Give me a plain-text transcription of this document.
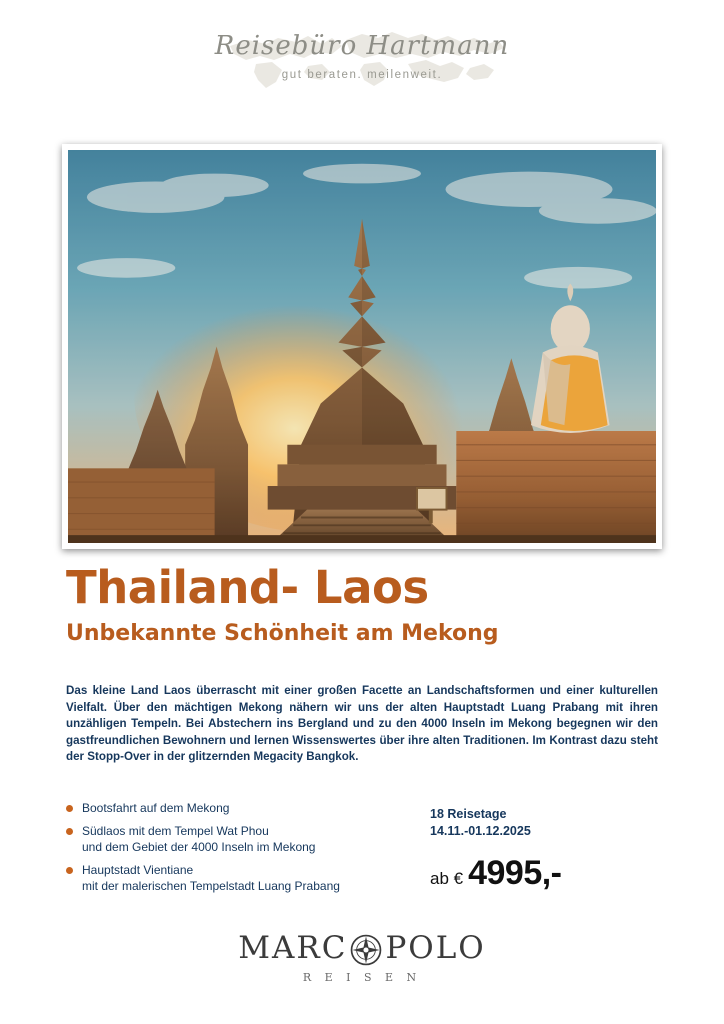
Reisebüro Hartmann
gut beraten. meilenweit.
Thailand- Laos
Unbekannte Schönheit am Mekong
Das kleine Land Laos überrascht mit einer großen Facette an Landschaftsformen und einer kulturellen Vielfalt. Über den mächtigen Mekong nähern wir uns der alten Hauptstadt Luang Prabang mit ihren unzähligen Tempeln. Bei Abstechern ins Bergland und zu den 4000 Inseln im Mekong begegnen wir den gastfreundlichen Bewohnern und lernen Wissenswertes über ihre alten Traditionen. Im Kontrast dazu steht der Stopp-Over in der glitzernden Megacity Bangkok.
Bootsfahrt auf dem Mekong
Südlaos mit dem Tempel Wat Phou
und dem Gebiet der 4000 Inseln im Mekong
Hauptstadt Vientiane
mit der malerischen Tempelstadt Luang Prabang
18 Reisetage
14.11.-01.12.2025
ab € 4995,-
MARC POLO
R E I S E N
